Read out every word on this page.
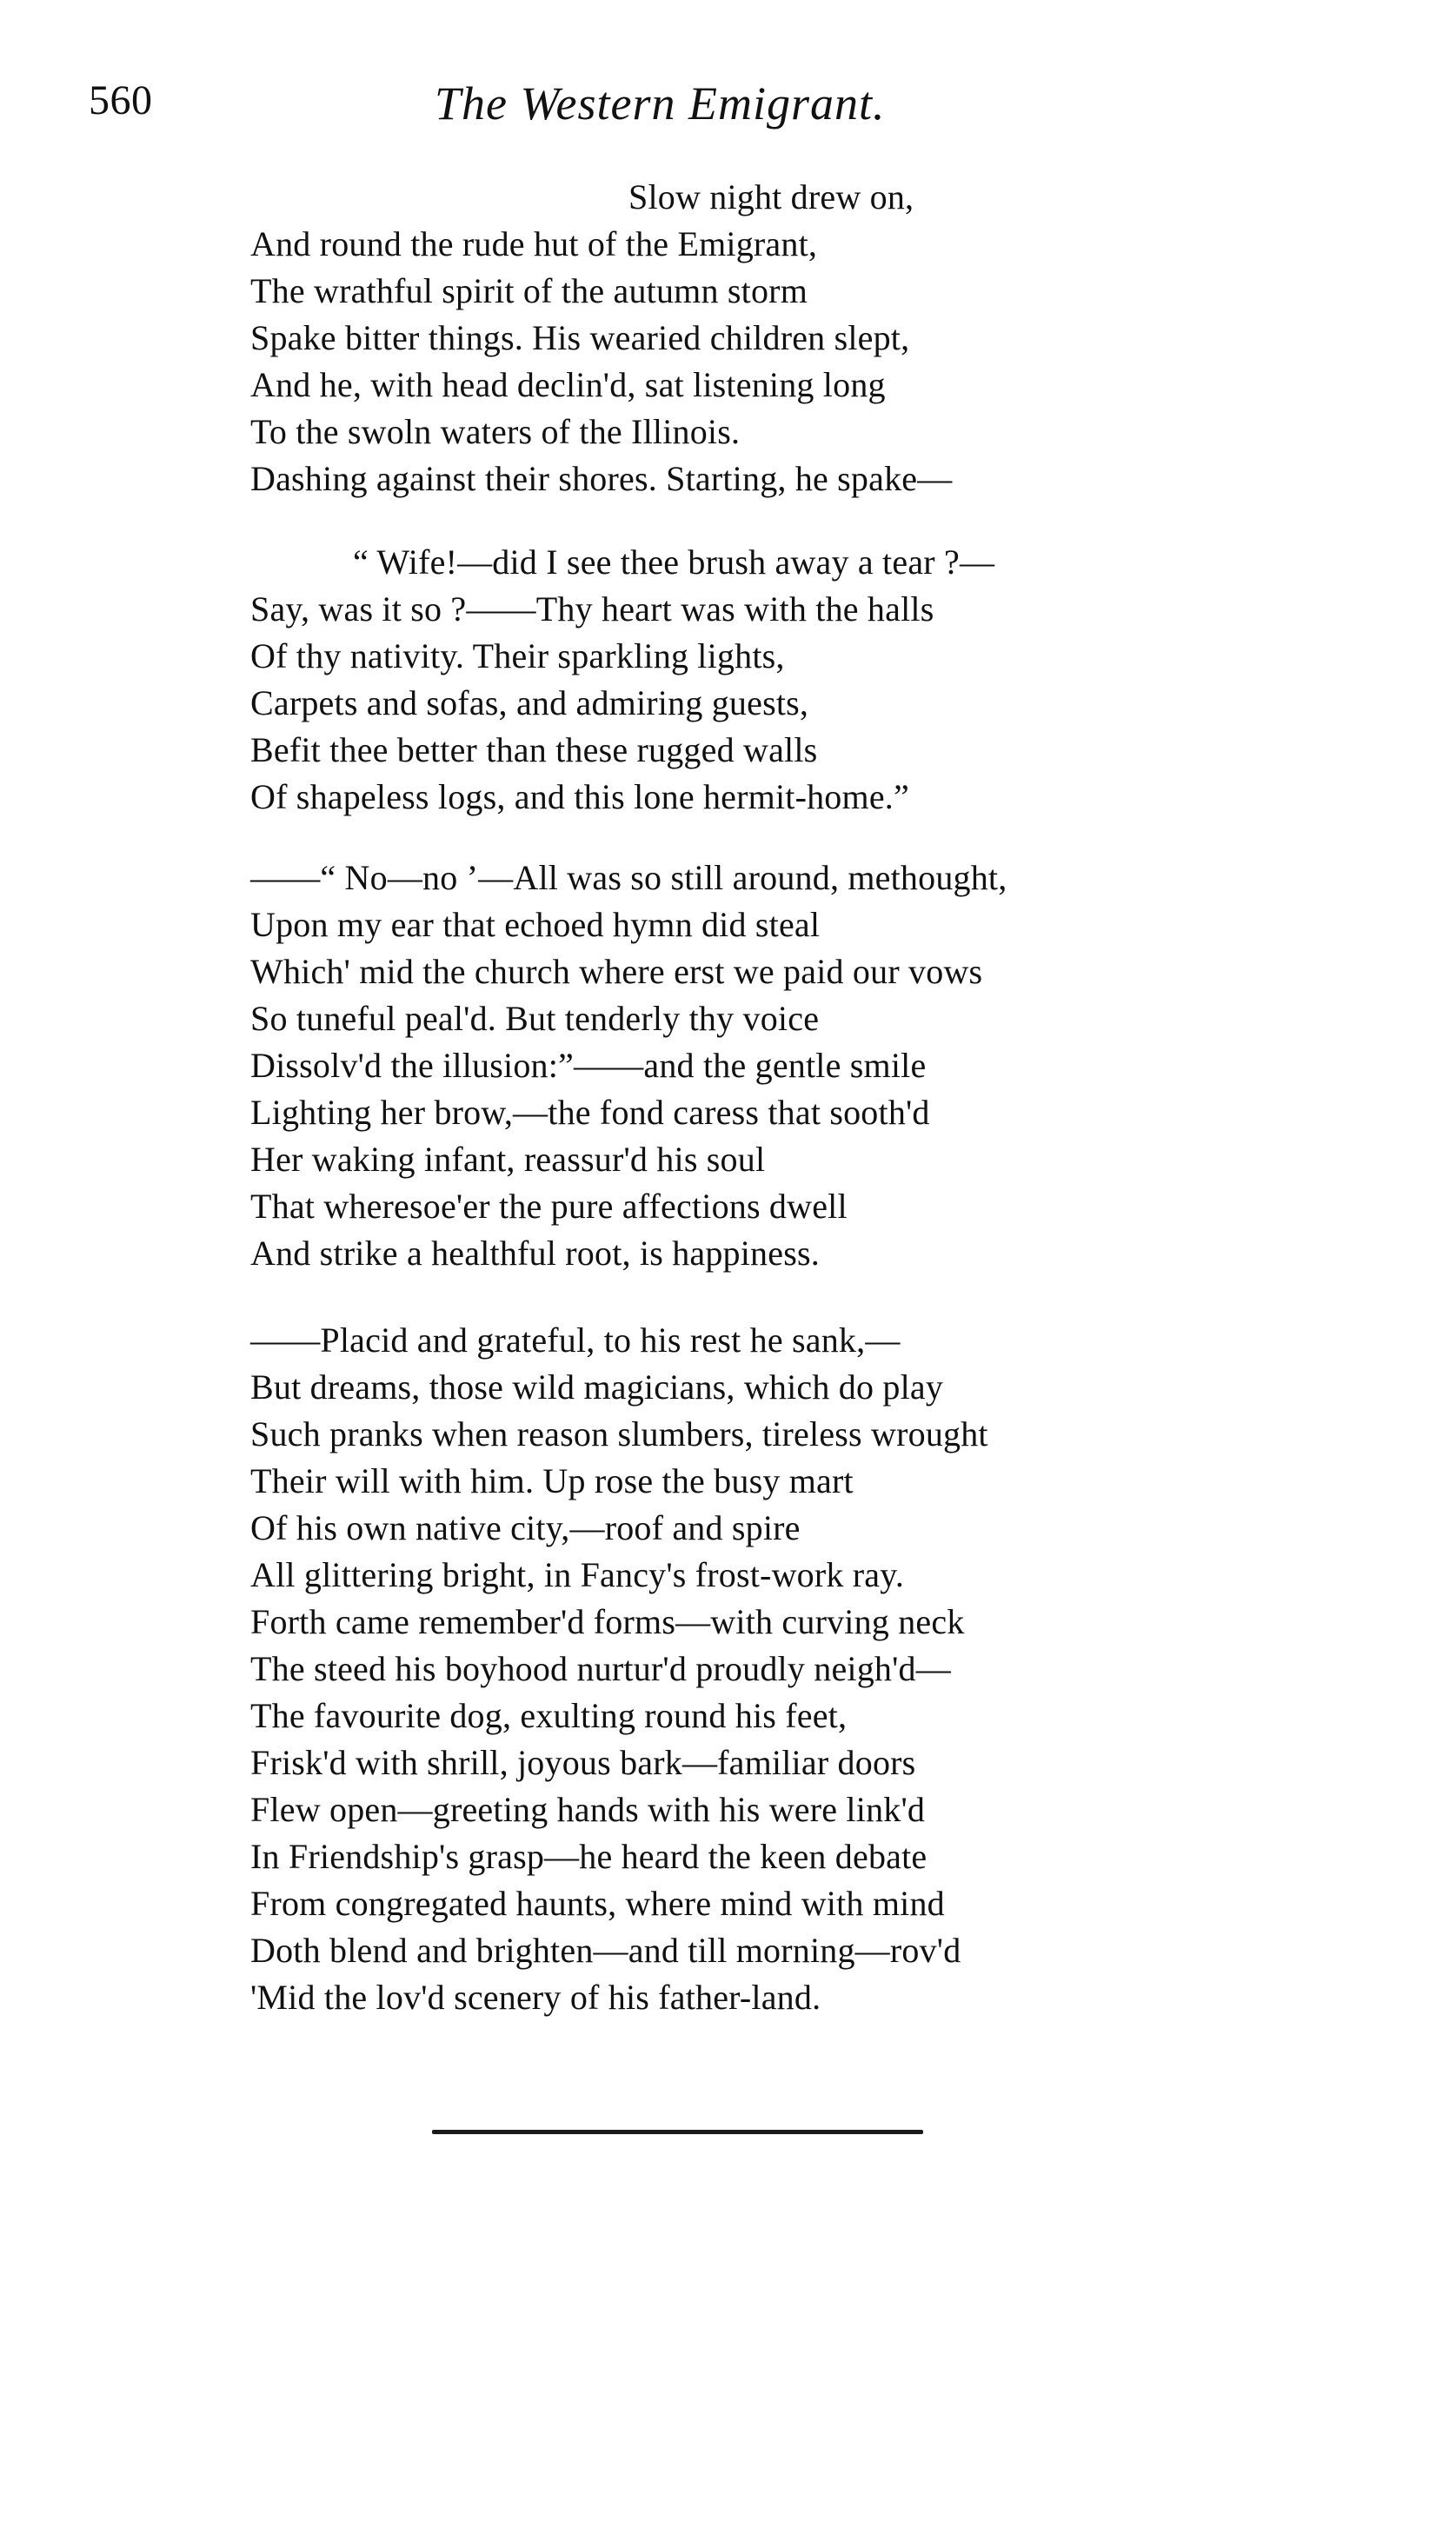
560	The Western Emigrant.
Slow night drew on,
And round the rude hut of the Emigrant,
The wrathful spirit of the autumn storm
Spake bitter things. His wearied children slept,
And he, with head declin'd, sat listening long
To the swoln waters of the Illinois.
Dashing against their shores. Starting, he spake—
“ Wife!—did I see thee brush away a tear ?—
Say, was it so ?——Thy heart was with the halls
Of thy nativity. Their sparkling lights,
Carpets and sofas, and admiring guests,
Befit thee better than these rugged walls
Of shapeless logs, and this lone hermit-home.”
——“ No—no ’—All was so still around, methought,
Upon my ear that echoed hymn did steal
Which' mid the church where erst we paid our vows
So tuneful peal'd. But tenderly thy voice
Dissolv'd the illusion:”——and the gentle smile
Lighting her brow,—the fond caress that sooth'd
Her waking infant, reassur'd his soul
That wheresoe'er the pure affections dwell
And strike a healthful root, is happiness.
——Placid and grateful, to his rest he sank,—
But dreams, those wild magicians, which do play
Such pranks when reason slumbers, tireless wrought
Their will with him. Up rose the busy mart
Of his own native city,—roof and spire
All glittering bright, in Fancy's frost-work ray.
Forth came remember'd forms—with curving neck
The steed his boyhood nurtur'd proudly neigh'd—
The favourite dog, exulting round his feet,
Frisk'd with shrill, joyous bark—familiar doors
Flew open—greeting hands with his were link'd
In Friendship's grasp—he heard the keen debate
From congregated haunts, where mind with mind
Doth blend and brighten—and till morning—rov'd
'Mid the lov'd scenery of his father-land.
